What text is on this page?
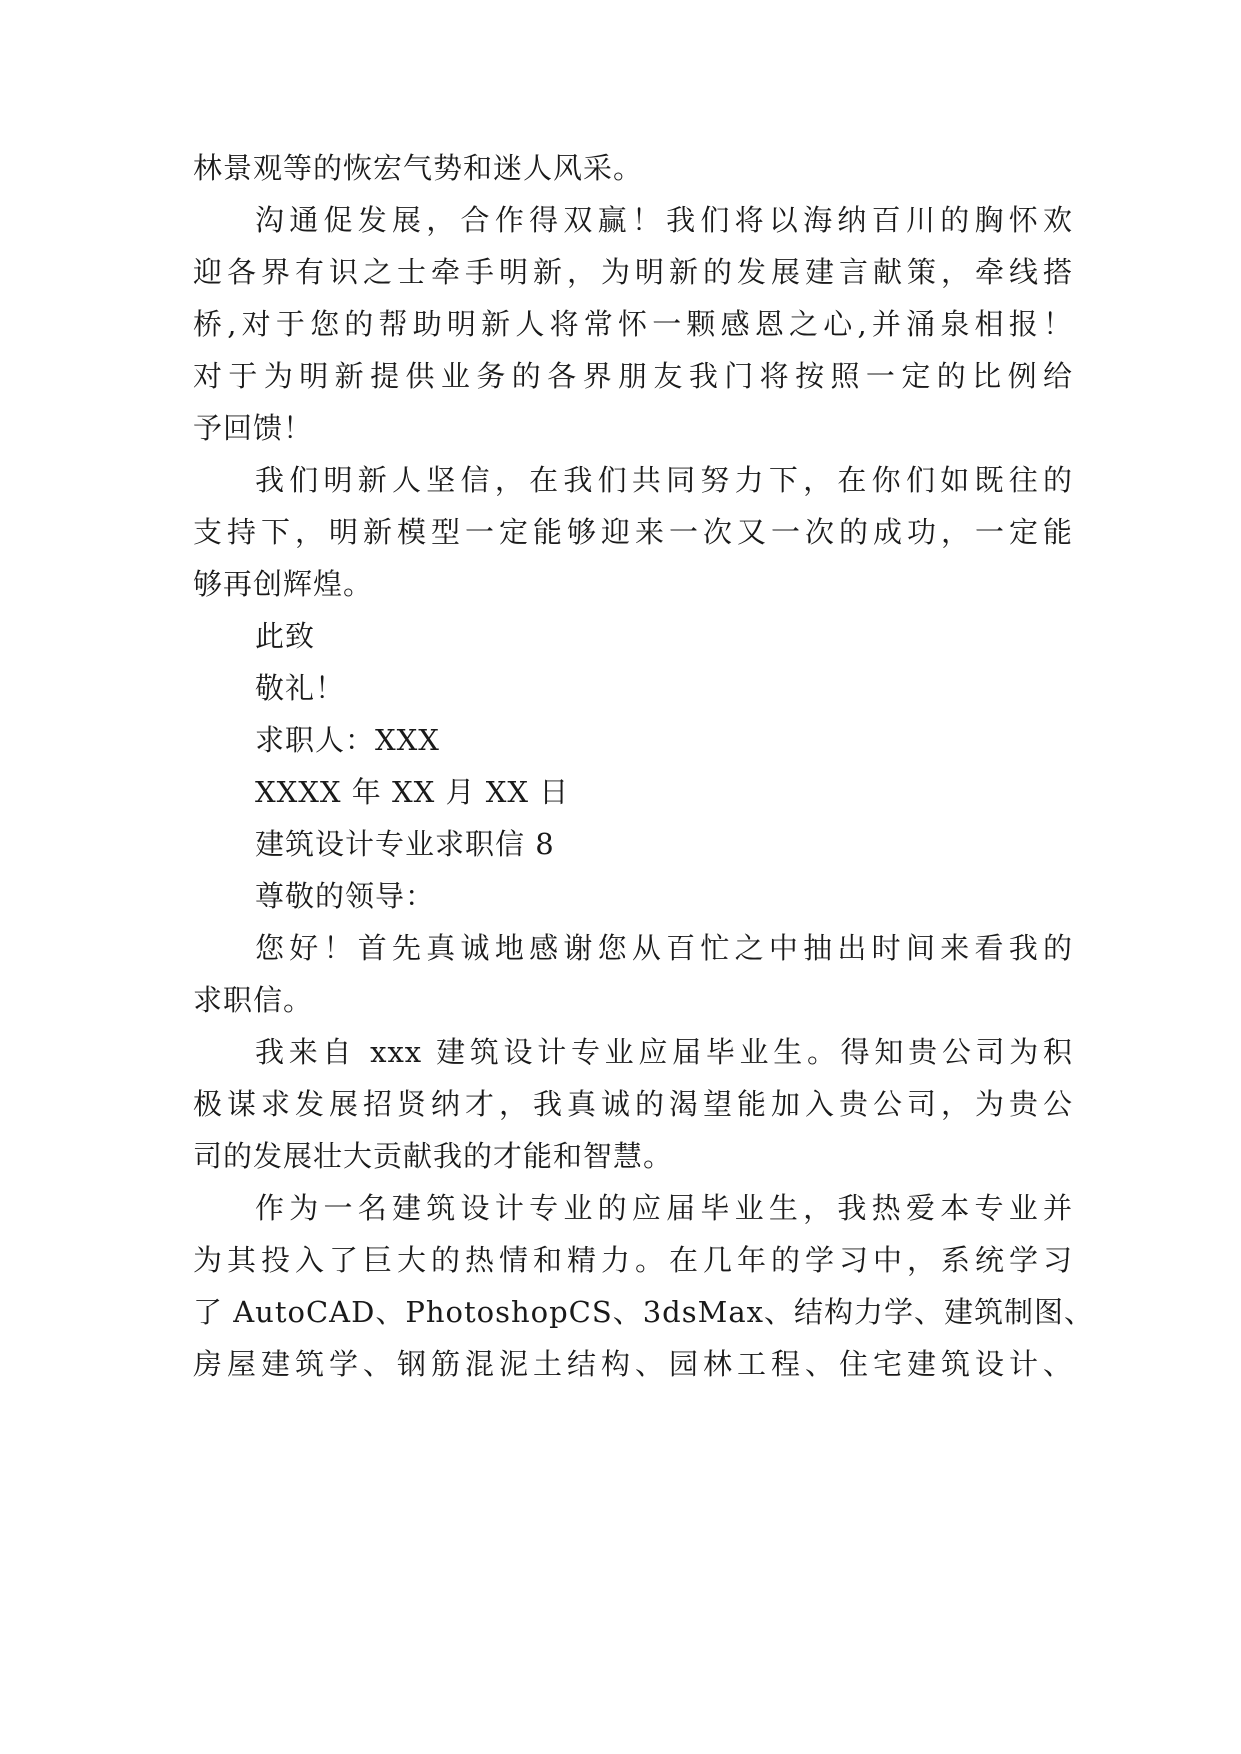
林景观等的恢宏气势和迷人风采。
沟通促发展，合作得双赢！我们将以海纳百川的胸怀欢
迎各界有识之士牵手明新，为明新的发展建言献策，牵线搭
桥,对于您的帮助明新人将常怀一颗感恩之心,并涌泉相报！
对于为明新提供业务的各界朋友我门将按照一定的比例给
予回馈！
我们明新人坚信，在我们共同努力下，在你们如既往的
支持下，明新模型一定能够迎来一次又一次的成功，一定能
够再创辉煌。
此致
敬礼！
求职人：XXX
XXXX 年 XX 月 XX 日
建筑设计专业求职信 8
尊敬的领导：
您好！首先真诚地感谢您从百忙之中抽出时间来看我的
求职信。
我来自 xxx 建筑设计专业应届毕业生。得知贵公司为积
极谋求发展招贤纳才，我真诚的渴望能加入贵公司，为贵公
司的发展壮大贡献我的才能和智慧。
作为一名建筑设计专业的应届毕业生，我热爱本专业并
为其投入了巨大的热情和精力。在几年的学习中，系统学习
了 AutoCAD、PhotoshopCS、3dsMax、结构力学、建筑制图、
房屋建筑学、钢筋混泥土结构、园林工程、住宅建筑设计、
